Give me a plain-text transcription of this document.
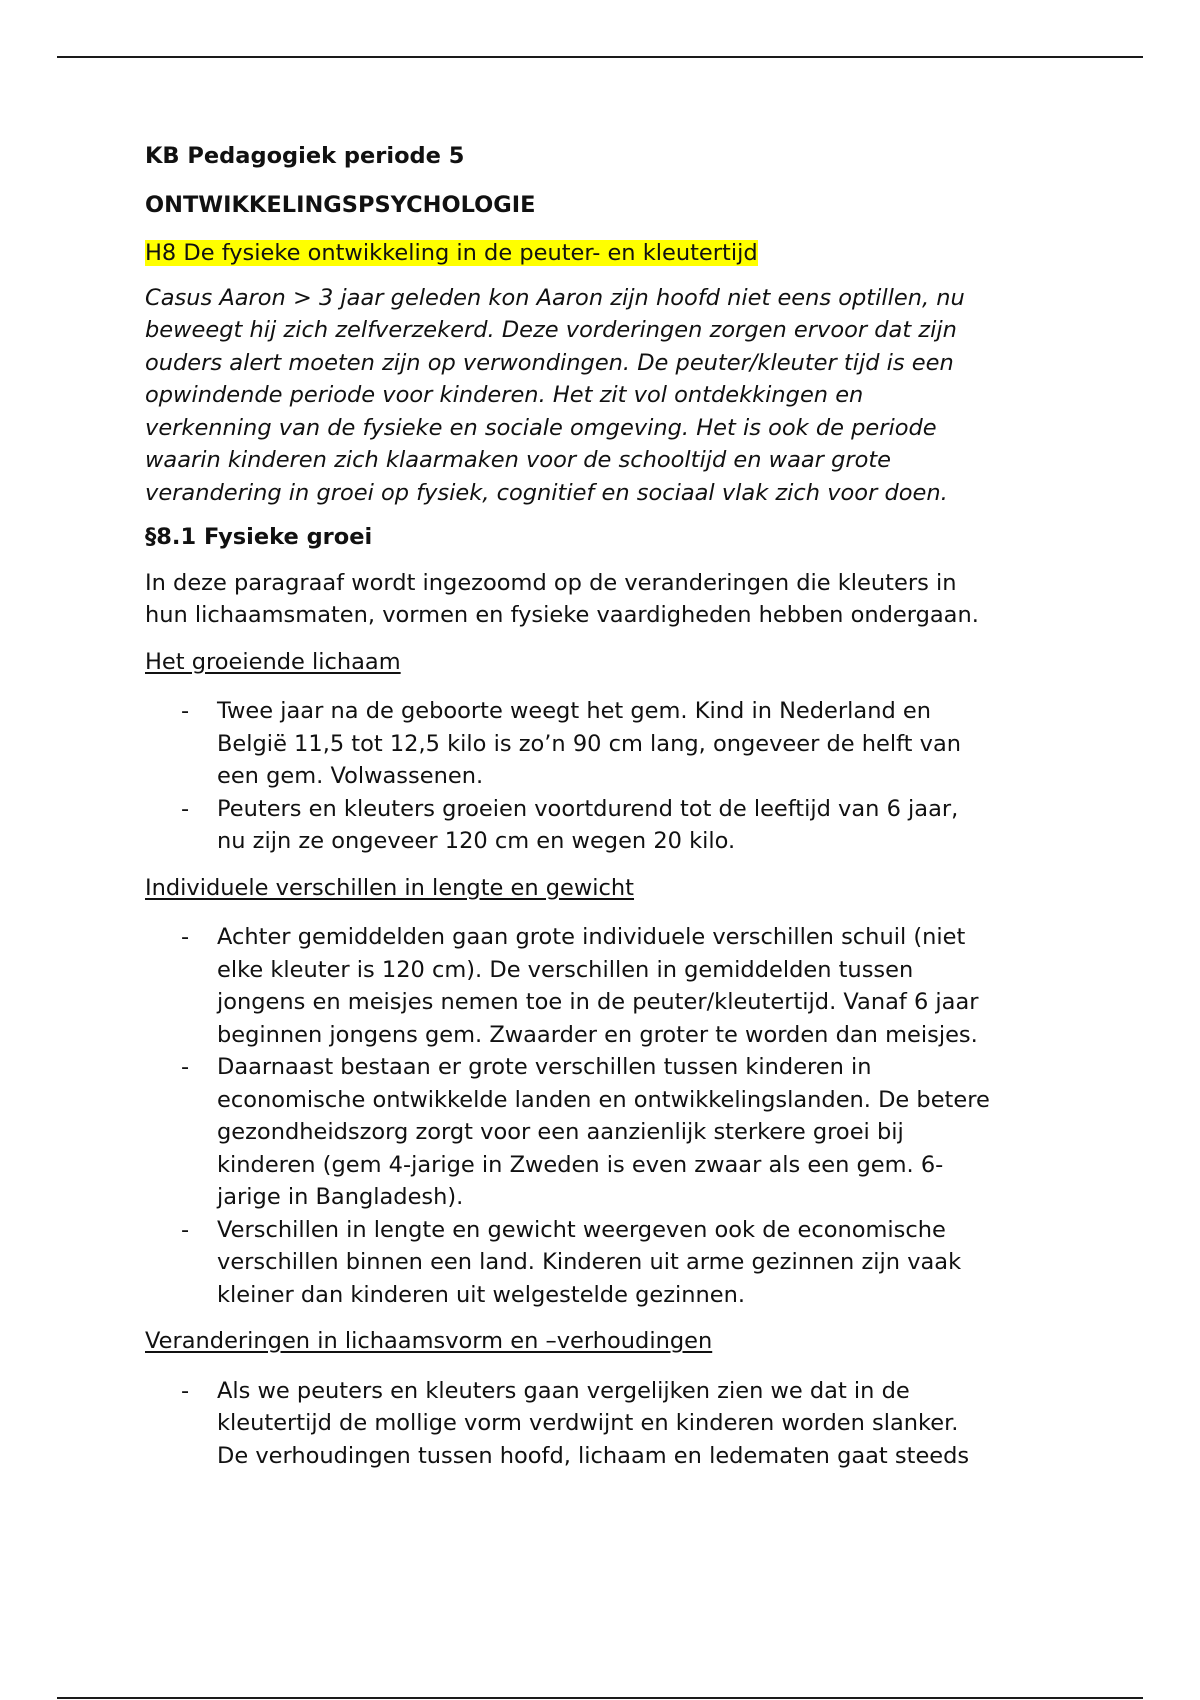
KB Pedagogiek periode 5

ONTWIKKELINGSPSYCHOLOGIE

H8 De fysieke ontwikkeling in de peuter- en kleutertijd

Casus Aaron > 3 jaar geleden kon Aaron zijn hoofd niet eens optillen, nu
beweegt hij zich zelfverzekerd. Deze vorderingen zorgen ervoor dat zijn
ouders alert moeten zijn op verwondingen. De peuter/kleuter tijd is een
opwindende periode voor kinderen. Het zit vol ontdekkingen en
verkenning van de fysieke en sociale omgeving. Het is ook de periode
waarin kinderen zich klaarmaken voor de schooltijd en waar grote
verandering in groei op fysiek, cognitief en sociaal vlak zich voor doen.

§8.1 Fysieke groei

In deze paragraaf wordt ingezoomd op de veranderingen die kleuters in
hun lichaamsmaten, vormen en fysieke vaardigheden hebben ondergaan.

Het groeiende lichaam

- Twee jaar na de geboorte weegt het gem. Kind in Nederland en
België 11,5 tot 12,5 kilo is zo’n 90 cm lang, ongeveer de helft van
een gem. Volwassenen.
- Peuters en kleuters groeien voortdurend tot de leeftijd van 6 jaar,
nu zijn ze ongeveer 120 cm en wegen 20 kilo.

Individuele verschillen in lengte en gewicht

- Achter gemiddelden gaan grote individuele verschillen schuil (niet
elke kleuter is 120 cm). De verschillen in gemiddelden tussen
jongens en meisjes nemen toe in de peuter/kleutertijd. Vanaf 6 jaar
beginnen jongens gem. Zwaarder en groter te worden dan meisjes.
- Daarnaast bestaan er grote verschillen tussen kinderen in
economische ontwikkelde landen en ontwikkelingslanden. De betere
gezondheidszorg zorgt voor een aanzienlijk sterkere groei bij
kinderen (gem 4-jarige in Zweden is even zwaar als een gem. 6-
jarige in Bangladesh).
- Verschillen in lengte en gewicht weergeven ook de economische
verschillen binnen een land. Kinderen uit arme gezinnen zijn vaak
kleiner dan kinderen uit welgestelde gezinnen.

Veranderingen in lichaamsvorm en –verhoudingen

- Als we peuters en kleuters gaan vergelijken zien we dat in de
kleutertijd de mollige vorm verdwijnt en kinderen worden slanker.
De verhoudingen tussen hoofd, lichaam en ledematen gaat steeds
